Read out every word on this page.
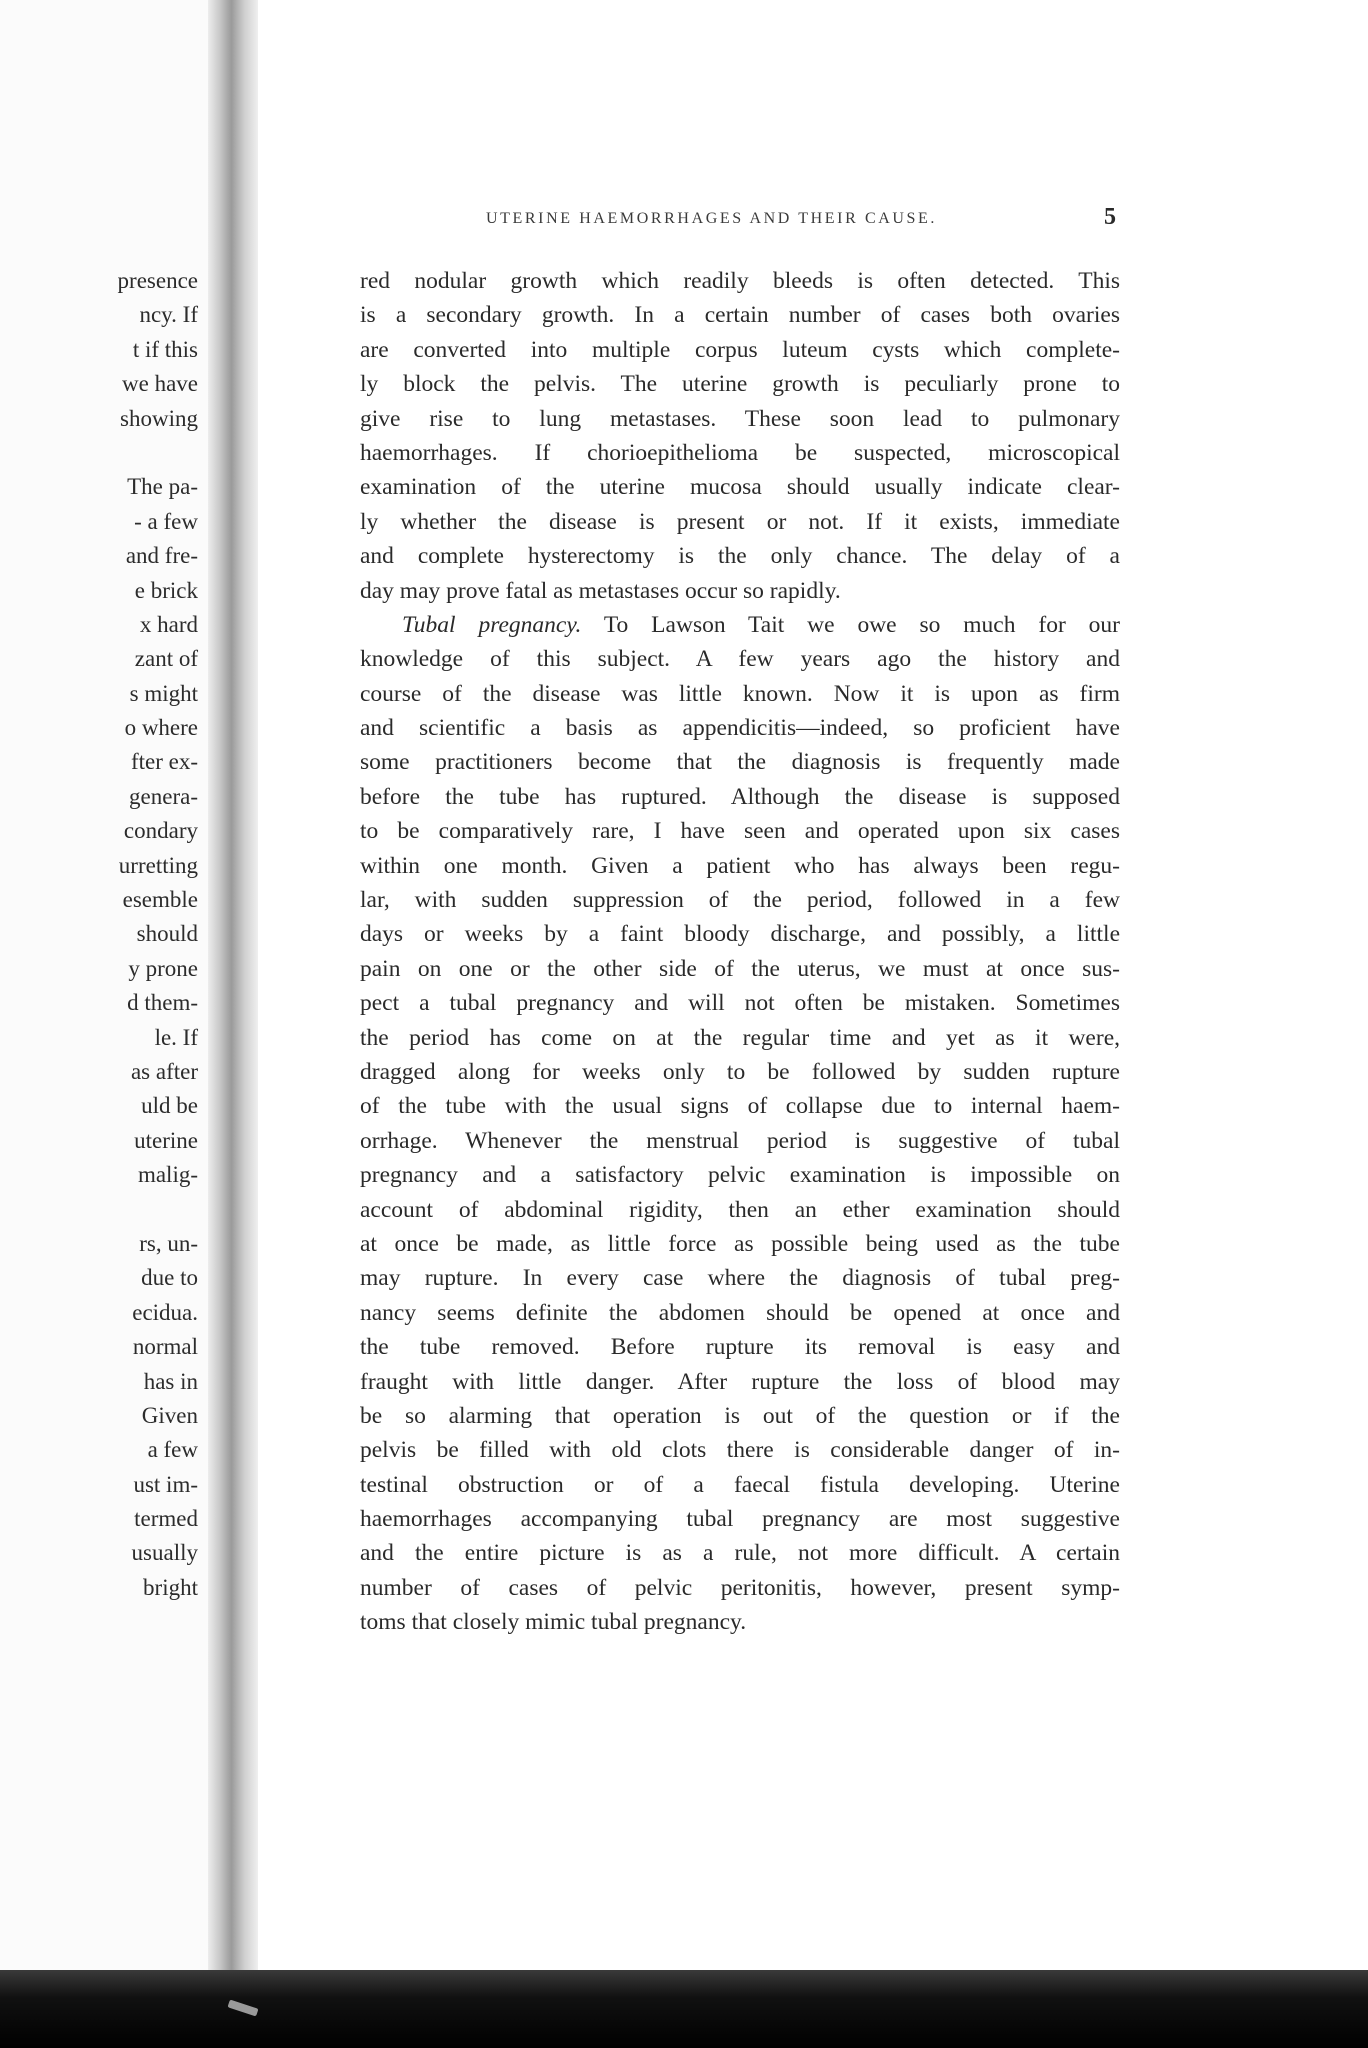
presence
ncy. If
t if this
we have
showing
The pa-
- a few
and fre-
e brick
x hard
zant of
s might
o where
fter ex-
genera-
condary
urretting
esemble
should
y prone
d them-
le. If
as after
uld be
uterine
malig-
rs, un-
due to
ecidua.
normal
has in
Given
a few
ust im-
termed
usually
bright
UTERINE HAEMORRHAGES AND THEIR CAUSE.	5
red nodular growth which readily bleeds is often detected. This
is a secondary growth. In a certain number of cases both ovaries
are converted into multiple corpus luteum cysts which complete-
ly block the pelvis. The uterine growth is peculiarly prone to
give rise to lung metastases. These soon lead to pulmonary
haemorrhages. If chorioepithelioma be suspected, microscopical
examination of the uterine mucosa should usually indicate clear-
ly whether the disease is present or not. If it exists, immediate
and complete hysterectomy is the only chance. The delay of a
day may prove fatal as metastases occur so rapidly.
Tubal pregnancy. To Lawson Tait we owe so much for our
knowledge of this subject. A few years ago the history and
course of the disease was little known. Now it is upon as firm
and scientific a basis as appendicitis—indeed, so proficient have
some practitioners become that the diagnosis is frequently made
before the tube has ruptured. Although the disease is supposed
to be comparatively rare, I have seen and operated upon six cases
within one month. Given a patient who has always been regu-
lar, with sudden suppression of the period, followed in a few
days or weeks by a faint bloody discharge, and possibly, a little
pain on one or the other side of the uterus, we must at once sus-
pect a tubal pregnancy and will not often be mistaken. Sometimes
the period has come on at the regular time and yet as it were,
dragged along for weeks only to be followed by sudden rupture
of the tube with the usual signs of collapse due to internal haem-
orrhage. Whenever the menstrual period is suggestive of tubal
pregnancy and a satisfactory pelvic examination is impossible on
account of abdominal rigidity, then an ether examination should
at once be made, as little force as possible being used as the tube
may rupture. In every case where the diagnosis of tubal preg-
nancy seems definite the abdomen should be opened at once and
the tube removed. Before rupture its removal is easy and
fraught with little danger. After rupture the loss of blood may
be so alarming that operation is out of the question or if the
pelvis be filled with old clots there is considerable danger of in-
testinal obstruction or of a faecal fistula developing. Uterine
haemorrhages accompanying tubal pregnancy are most suggestive
and the entire picture is as a rule, not more difficult. A certain
number of cases of pelvic peritonitis, however, present symp-
toms that closely mimic tubal pregnancy.
